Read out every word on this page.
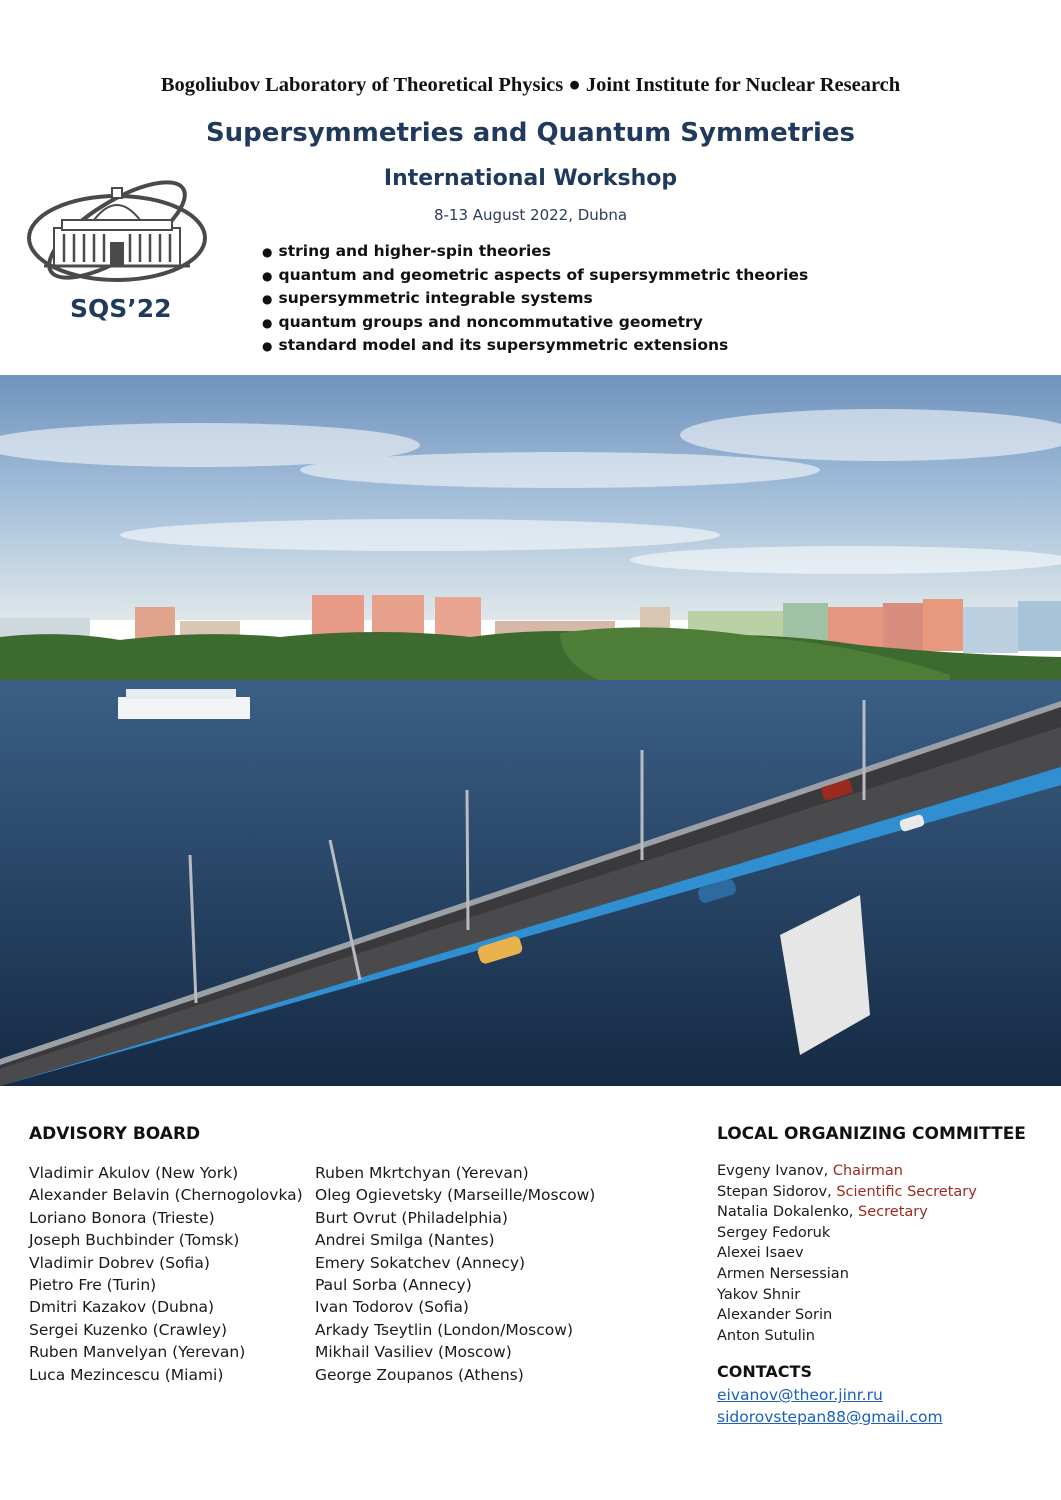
Bogoliubov Laboratory of Theoretical Physics ● Joint Institute for Nuclear Research
Supersymmetries and Quantum Symmetries
International Workshop
8-13 August 2022, Dubna
SQS’22
● string and higher-spin theories
● quantum and geometric aspects of supersymmetric theories
● supersymmetric integrable systems
● quantum groups and noncommutative geometry
● standard model and its supersymmetric extensions
ADVISORY BOARD
Vladimir Akulov (New York)
Alexander Belavin (Chernogolovka)
Loriano Bonora (Trieste)
Joseph Buchbinder (Tomsk)
Vladimir Dobrev (Sofia)
Pietro Fre (Turin)
Dmitri Kazakov (Dubna)
Sergei Kuzenko (Crawley)
Ruben Manvelyan (Yerevan)
Luca Mezincescu (Miami)
Ruben Mkrtchyan (Yerevan)
Oleg Ogievetsky (Marseille/Moscow)
Burt Ovrut (Philadelphia)
Andrei Smilga (Nantes)
Emery Sokatchev (Annecy)
Paul Sorba (Annecy)
Ivan Todorov (Sofia)
Arkady Tseytlin (London/Moscow)
Mikhail Vasiliev (Moscow)
George Zoupanos (Athens)
LOCAL ORGANIZING COMMITTEE
Evgeny Ivanov, Chairman
Stepan Sidorov, Scientific Secretary
Natalia Dokalenko, Secretary
Sergey Fedoruk
Alexei Isaev
Armen Nersessian
Yakov Shnir
Alexander Sorin
Anton Sutulin
CONTACTS
eivanov@theor.jinr.ru
sidorovstepan88@gmail.com
